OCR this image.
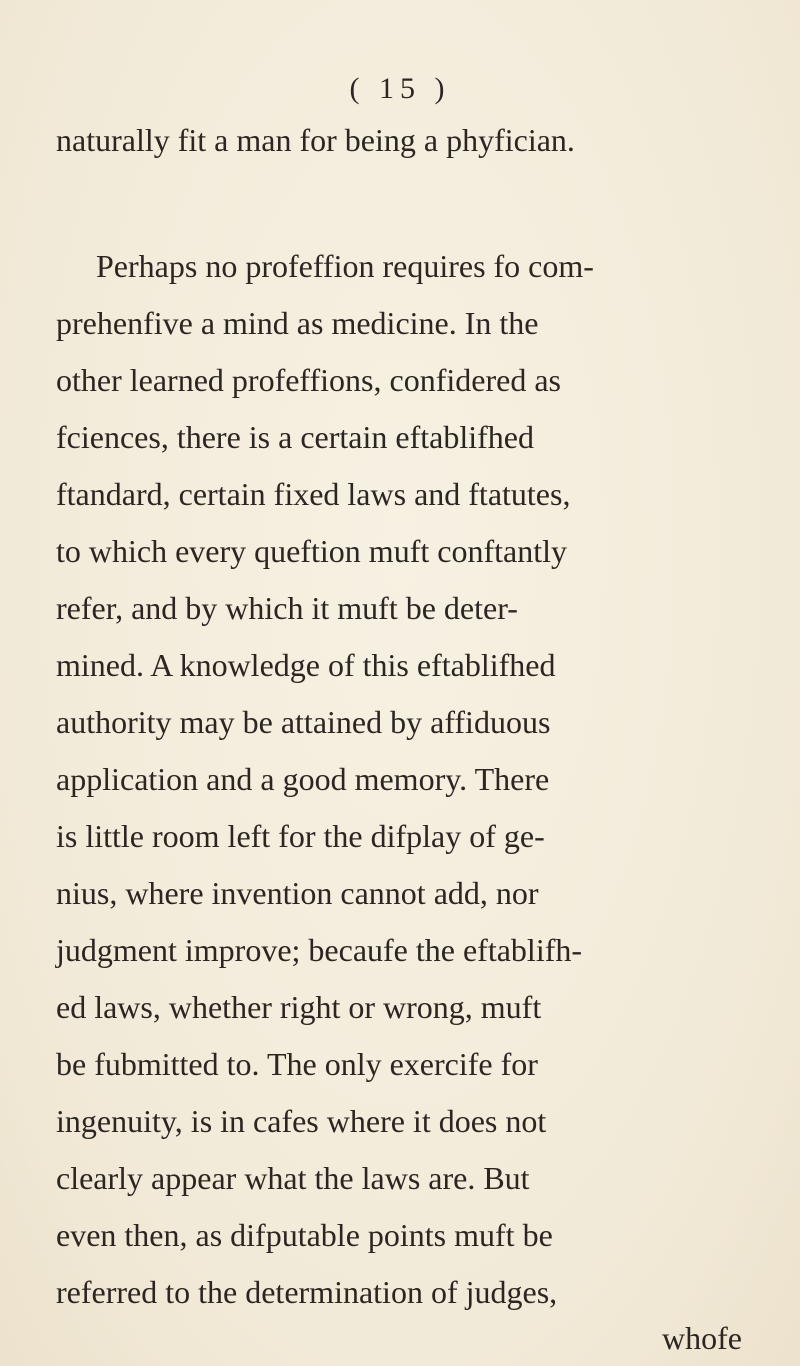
( 15 )
naturally fit a man for being a phyfician.
Perhaps no profeffion requires fo com-
prehenfive a mind as medicine. In the
other learned profeffions, confidered as
fciences, there is a certain eftablifhed
ftandard, certain fixed laws and ftatutes,
to which every queftion muft conftantly
refer, and by which it muft be deter-
mined. A knowledge of this eftablifhed
authority may be attained by affiduous
application and a good memory. There
is little room left for the difplay of ge-
nius, where invention cannot add, nor
judgment improve; becaufe the eftablifh-
ed laws, whether right or wrong, muft
be fubmitted to. The only exercife for
ingenuity, is in cafes where it does not
clearly appear what the laws are. But
even then, as difputable points muft be
referred to the determination of judges,
whofe
